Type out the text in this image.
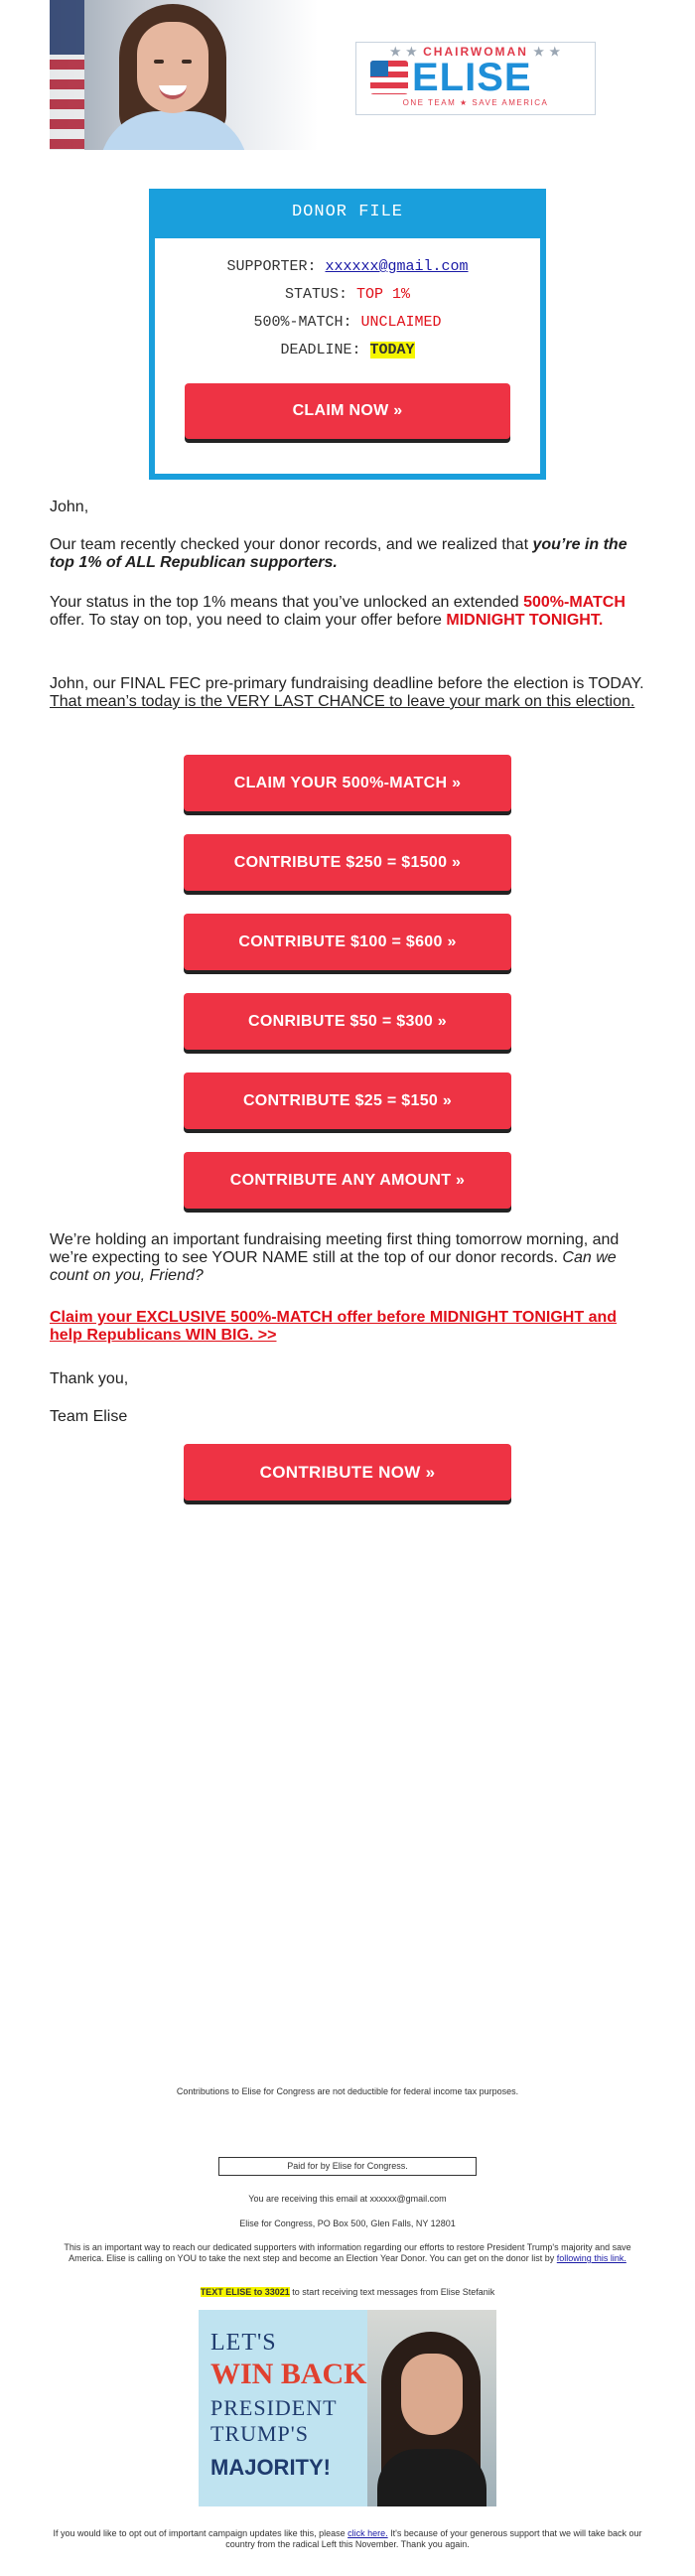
★ ★ CHAIRWOMAN ★ ★
ELISE
ONE TEAM ★ SAVE AMERICA
DONOR FILE
SUPPORTER: xxxxxx@gmail.com
STATUS: TOP 1%
500%-MATCH: UNCLAIMED
DEADLINE: TODAY
CLAIM NOW »
John,
Our team recently checked your donor records, and we realized that you’re in the top 1% of ALL Republican supporters.
Your status in the top 1% means that you’ve unlocked an extended 500%-MATCH offer. To stay on top, you need to claim your offer before MIDNIGHT TONIGHT.
John, our FINAL FEC pre-primary fundraising deadline before the election is TODAY. That mean’s today is the VERY LAST CHANCE to leave your mark on this election.
CLAIM YOUR 500%-MATCH »
CONTRIBUTE $250 = $1500 »
CONTRIBUTE $100 = $600 »
CONRIBUTE $50 = $300 »
CONTRIBUTE $25 = $150 »
CONTRIBUTE ANY AMOUNT »
We’re holding an important fundraising meeting first thing tomorrow morning, and we’re expecting to see YOUR NAME still at the top of our donor records. Can we count on you, Friend?
Claim your EXCLUSIVE 500%-MATCH offer before MIDNIGHT TONIGHT and help Republicans WIN BIG. >>
Thank you,
Team Elise
CONTRIBUTE NOW »
Contributions to Elise for Congress are not deductible for federal income tax purposes.
Paid for by Elise for Congress.
You are receiving this email at xxxxxx@gmail.com
Elise for Congress, PO Box 500, Glen Falls, NY 12801
This is an important way to reach our dedicated supporters with information regarding our efforts to restore President Trump's majority and save America. Elise is calling on YOU to take the next step and become an Election Year Donor. You can get on the donor list by following this link.
TEXT ELISE to 33021 to start receiving text messages from Elise Stefanik
LET'S
WIN BACK
PRESIDENT
TRUMP'S
MAJORITY!
If you would like to opt out of important campaign updates like this, please click here. It's because of your generous support that we will take back our country from the radical Left this November. Thank you again.
